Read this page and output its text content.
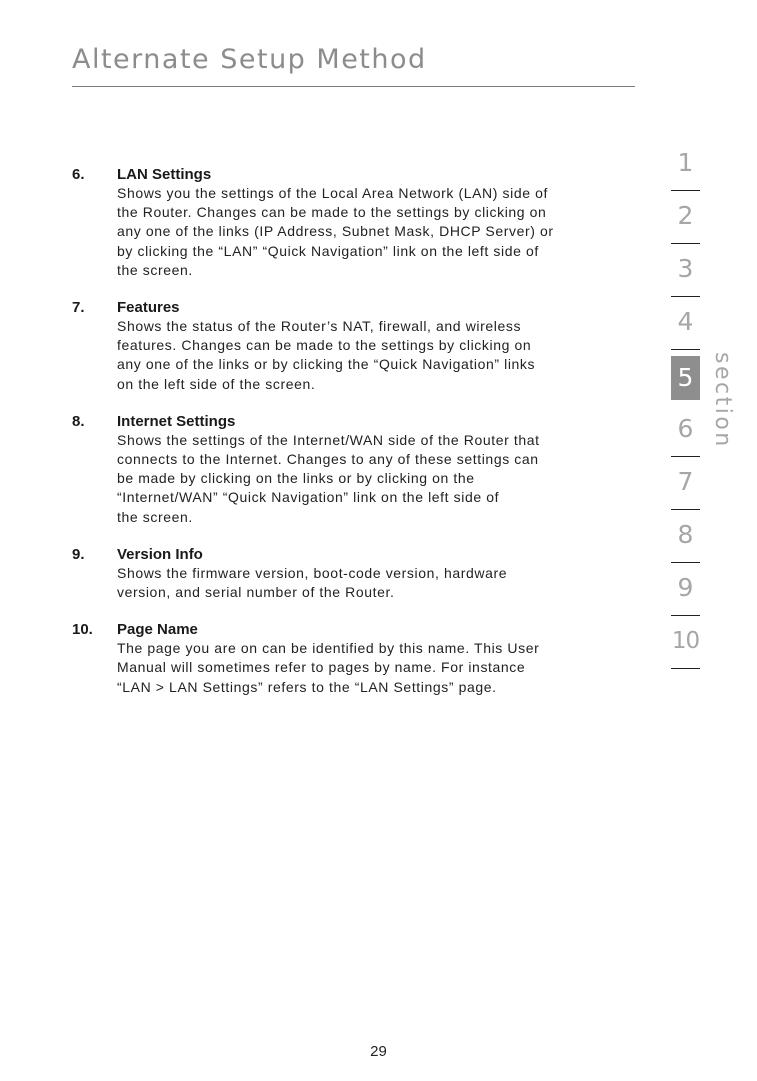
Alternate Setup Method
6. LAN Settings
Shows you the settings of the Local Area Network (LAN) side of
the Router. Changes can be made to the settings by clicking on
any one of the links (IP Address, Subnet Mask, DHCP Server) or
by clicking the “LAN” “Quick Navigation” link on the left side of
the screen.
7. Features
Shows the status of the Router’s NAT, firewall, and wireless
features. Changes can be made to the settings by clicking on
any one of the links or by clicking the “Quick Navigation” links
on the left side of the screen.
8. Internet Settings
Shows the settings of the Internet/WAN side of the Router that
connects to the Internet. Changes to any of these settings can
be made by clicking on the links or by clicking on the
“Internet/WAN” “Quick Navigation” link on the left side of
the screen.
9. Version Info
Shows the firmware version, boot-code version, hardware
version, and serial number of the Router.
10. Page Name
The page you are on can be identified by this name. This User
Manual will sometimes refer to pages by name. For instance
“LAN > LAN Settings” refers to the “LAN Settings” page.
1
2
3
4
5
6
7
8
9
10
section
29
